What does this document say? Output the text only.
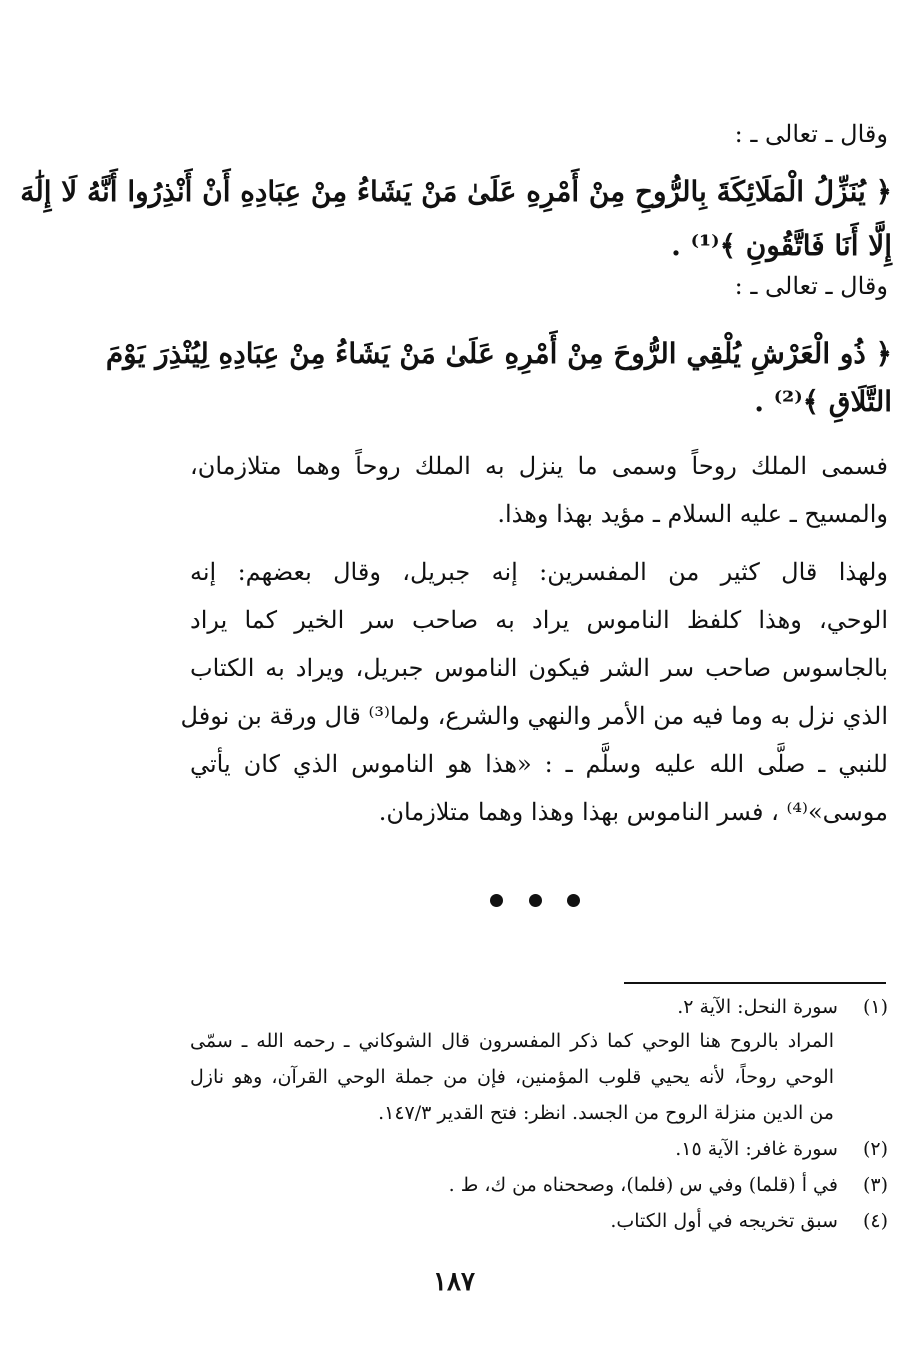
وقال ـ تعالى ـ :
﴿ يُنَزِّلُ الْمَلَائِكَةَ بِالرُّوحِ مِنْ أَمْرِهِ عَلَىٰ مَنْ يَشَاءُ مِنْ عِبَادِهِ أَنْ أَنْذِرُوا أَنَّهُ لَا إِلَٰهَ
إِلَّا أَنَا فَاتَّقُونِ ﴾⁽¹⁾ .
وقال ـ تعالى ـ :
﴿ ذُو الْعَرْشِ يُلْقِي الرُّوحَ مِنْ أَمْرِهِ عَلَىٰ مَنْ يَشَاءُ مِنْ عِبَادِهِ لِيُنْذِرَ يَوْمَ
التَّلَاقِ ﴾⁽²⁾ .
فسمى الملك روحاً وسمى ما ينزل به الملك روحاً وهما متلازمان،
والمسيح ـ عليه السلام ـ مؤيد بهذا وهذا.
ولهذا قال كثير من المفسرين: إنه جبريل، وقال بعضهم: إنه
الوحي، وهذا كلفظ الناموس يراد به صاحب سر الخير كما يراد
بالجاسوس صاحب سر الشر فيكون الناموس جبريل، ويراد به الكتاب
الذي نزل به وما فيه من الأمر والنهي والشرع، ولما⁽³⁾ قال ورقة بن نوفل
للنبي ـ صلَّى الله عليه وسلَّم ـ : «هذا هو الناموس الذي كان يأتي
موسى»⁽⁴⁾ ، فسر الناموس بهذا وهذا وهما متلازمان.
(١) سورة النحل: الآية ٢.
المراد بالروح هنا الوحي كما ذكر المفسرون قال الشوكاني ـ رحمه الله ـ سمّى
الوحي روحاً، لأنه يحيي قلوب المؤمنين، فإن من جملة الوحي القرآن، وهو نازل
من الدين منزلة الروح من الجسد. انظر: فتح القدير ١٤٧/٣.
(٢) سورة غافر: الآية ١٥.
(٣) في أ (قلما) وفي س (فلما)، وصححناه من ك، ط .
(٤) سبق تخريجه في أول الكتاب.
١٨٧
